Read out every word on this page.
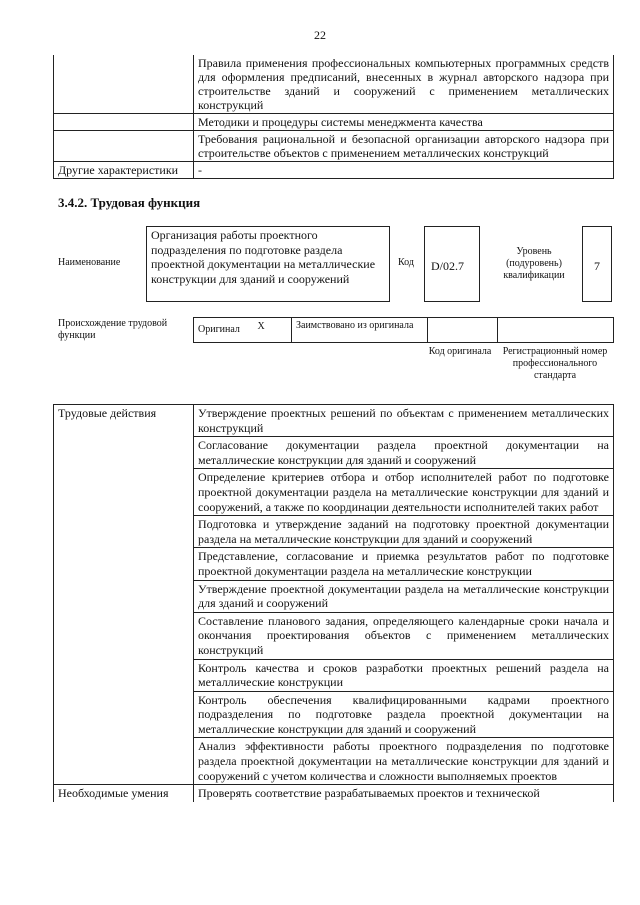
22
	Правила применения профессиональных компьютерных программных средств для оформления предписаний, внесенных в журнал авторского надзора при строительстве зданий и сооружений с применением металлических конструкций
	Методики и процедуры системы менеджмента качества
	Требования рациональной и безопасной организации авторского надзора при строительстве объектов с применением металлических конструкций
Другие характеристики	-
3.4.2. Трудовая функция
Наименование
Организация работы проектного подразделения по подготовке раздела проектной документации на металлические конструкции для зданий и сооружений
Код	D/02.7
Уровень (подуровень) квалификации
7
Происхождение трудовой функции
Оригинал	X	Заимствовано из оригинала		
Код оригинала Регистрационный номер профессионального стандарта
Трудовые действия	Утверждение проектных решений по объектам с применением металлических конструкций
	Согласование документации раздела проектной документации на металлические конструкции для зданий и сооружений
	Определение критериев отбора и отбор исполнителей работ по подготовке проектной документации раздела на металлические конструкции для зданий и сооружений, а также по координации деятельности исполнителей таких работ
	Подготовка и утверждение заданий на подготовку проектной документации раздела на металлические конструкции для зданий и сооружений
	Представление, согласование и приемка результатов работ по подготовке проектной документации раздела на металлические конструкции
	Утверждение проектной документации раздела на металлические конструкции для зданий и сооружений
	Составление планового задания, определяющего календарные сроки начала и окончания проектирования объектов с применением металлических конструкций
	Контроль качества и сроков разработки проектных решений раздела на металлические конструкции
	Контроль обеспечения квалифицированными кадрами проектного подразделения по подготовке раздела проектной документации на металлические конструкции для зданий и сооружений
	Анализ эффективности работы проектного подразделения по подготовке раздела проектной документации на металлические конструкции для зданий и сооружений с учетом количества и сложности выполняемых проектов
Необходимые умения	Проверять соответствие разрабатываемых проектов и технической
